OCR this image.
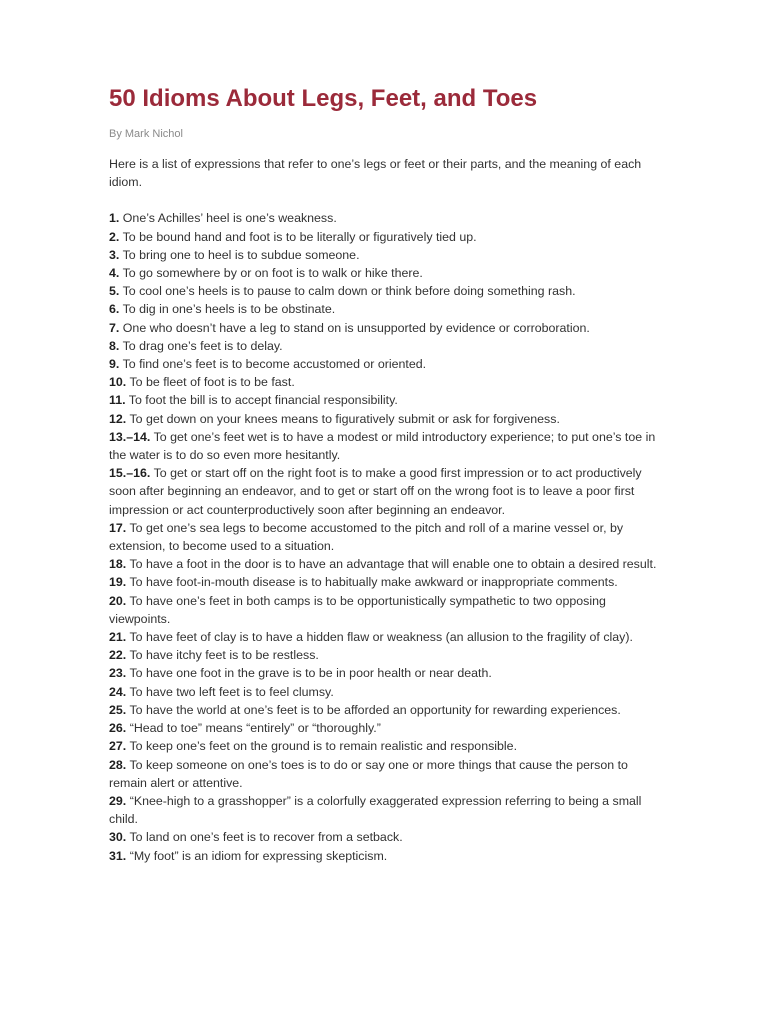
50 Idioms About Legs, Feet, and Toes
By Mark Nichol

Here is a list of expressions that refer to one’s legs or feet or their parts, and the meaning of each idiom.

1. One’s Achilles’ heel is one’s weakness.
2. To be bound hand and foot is to be literally or figuratively tied up.
3. To bring one to heel is to subdue someone.
4. To go somewhere by or on foot is to walk or hike there.
5. To cool one’s heels is to pause to calm down or think before doing something rash.
6. To dig in one’s heels is to be obstinate.
7. One who doesn’t have a leg to stand on is unsupported by evidence or corroboration.
8. To drag one’s feet is to delay.
9. To find one’s feet is to become accustomed or oriented.
10. To be fleet of foot is to be fast.
11. To foot the bill is to accept financial responsibility.
12. To get down on your knees means to figuratively submit or ask for forgiveness.
13.–14. To get one’s feet wet is to have a modest or mild introductory experience; to put one’s toe in the water is to do so even more hesitantly.
15.–16. To get or start off on the right foot is to make a good first impression or to act productively soon after beginning an endeavor, and to get or start off on the wrong foot is to leave a poor first impression or act counterproductively soon after beginning an endeavor.
17. To get one’s sea legs to become accustomed to the pitch and roll of a marine vessel or, by extension, to become used to a situation.
18. To have a foot in the door is to have an advantage that will enable one to obtain a desired result.
19. To have foot-in-mouth disease is to habitually make awkward or inappropriate comments.
20. To have one’s feet in both camps is to be opportunistically sympathetic to two opposing viewpoints.
21. To have feet of clay is to have a hidden flaw or weakness (an allusion to the fragility of clay).
22. To have itchy feet is to be restless.
23. To have one foot in the grave is to be in poor health or near death.
24. To have two left feet is to feel clumsy.
25. To have the world at one’s feet is to be afforded an opportunity for rewarding experiences.
26. “Head to toe” means “entirely” or “thoroughly.”
27. To keep one’s feet on the ground is to remain realistic and responsible.
28. To keep someone on one’s toes is to do or say one or more things that cause the person to remain alert or attentive.
29. “Knee-high to a grasshopper” is a colorfully exaggerated expression referring to being a small child.
30. To land on one’s feet is to recover from a setback.
31. “My foot” is an idiom for expressing skepticism.
